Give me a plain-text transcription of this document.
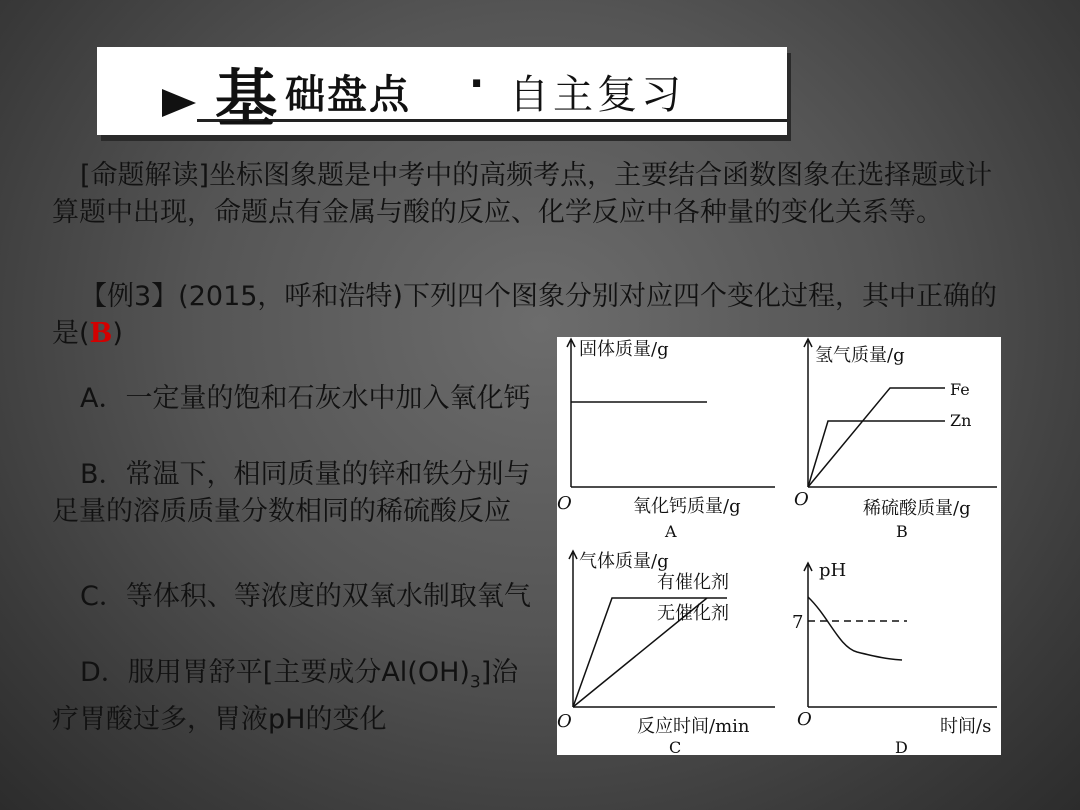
基 础盘点 · 自主复习
[命题解读]坐标图象题是中考中的高频考点，主要结合函数图象在选择题或计算题中出现，命题点有金属与酸的反应、化学反应中各种量的变化关系等。
【例3】(2015，呼和浩特)下列四个图象分别对应四个变化过程，其中正确的是(B)
A．一定量的饱和石灰水中加入氧化钙
B．常温下，相同质量的锌和铁分别与足量的溶质质量分数相同的稀硫酸反应
C．等体积、等浓度的双氧水制取氧气
D．服用胃舒平[主要成分$Al(OH)_3$]治疗胃酸过多，胃液pH的变化
固体质量/g
O	氧化钙质量/g
A
氢气质量/g
Fe
Zn
O	稀硫酸质量/g
B
气体质量/g
有催化剂
无催化剂
O	反应时间/min
C
pH
7
O	时间/s
D
